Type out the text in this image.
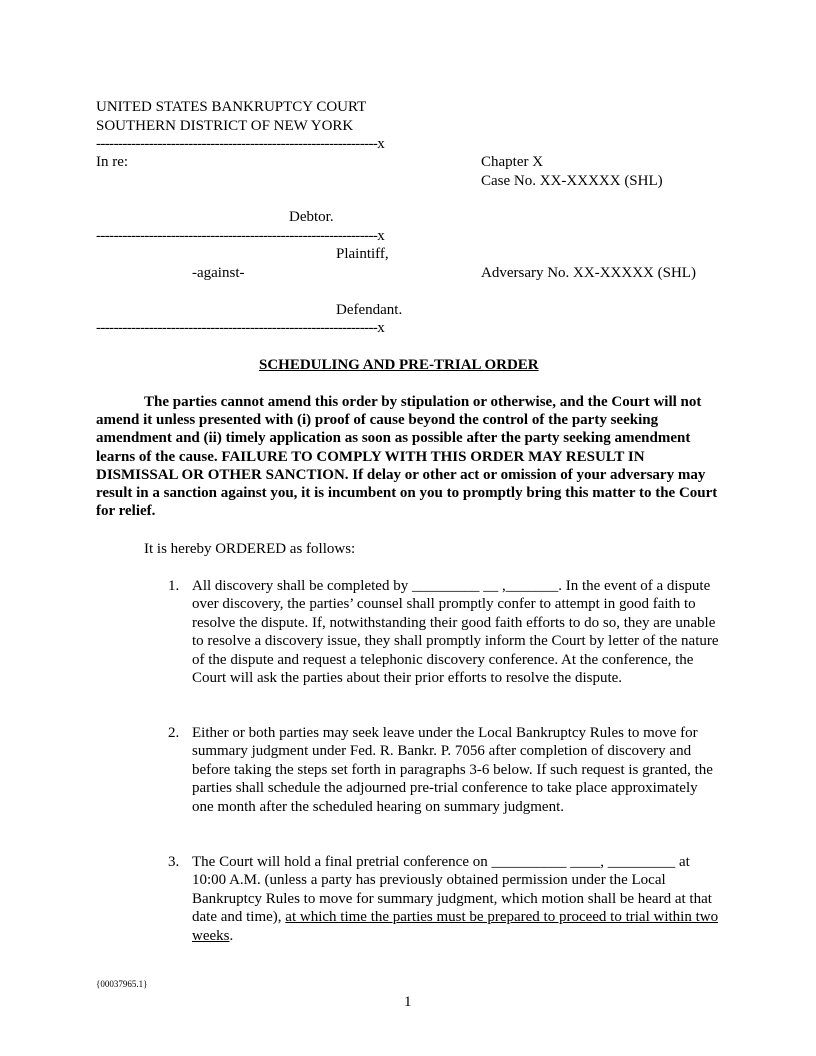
UNITED STATES BANKRUPTCY COURT
SOUTHERN DISTRICT OF NEW YORK
----------------------------------------------------------------x
In re:	Chapter X
Case No. XX-XXXXX (SHL)
Debtor.
----------------------------------------------------------------x
Plaintiff,
-against-	Adversary No. XX-XXXXX (SHL)
Defendant.
----------------------------------------------------------------x
SCHEDULING AND PRE-TRIAL ORDER
The parties cannot amend this order by stipulation or otherwise, and the Court will not amend it unless presented with (i) proof of cause beyond the control of the party seeking amendment and (ii) timely application as soon as possible after the party seeking amendment learns of the cause. FAILURE TO COMPLY WITH THIS ORDER MAY RESULT IN DISMISSAL OR OTHER SANCTION. If delay or other act or omission of your adversary may result in a sanction against you, it is incumbent on you to promptly bring this matter to the Court for relief.
It is hereby ORDERED as follows:
1. All discovery shall be completed by _________ __ ,_______. In the event of a dispute over discovery, the parties’ counsel shall promptly confer to attempt in good faith to resolve the dispute. If, notwithstanding their good faith efforts to do so, they are unable to resolve a discovery issue, they shall promptly inform the Court by letter of the nature of the dispute and request a telephonic discovery conference. At the conference, the Court will ask the parties about their prior efforts to resolve the dispute.
2. Either or both parties may seek leave under the Local Bankruptcy Rules to move for summary judgment under Fed. R. Bankr. P. 7056 after completion of discovery and before taking the steps set forth in paragraphs 3-6 below. If such request is granted, the parties shall schedule the adjourned pre-trial conference to take place approximately one month after the scheduled hearing on summary judgment.
3. The Court will hold a final pretrial conference on __________ ____, _________ at 10:00 A.M. (unless a party has previously obtained permission under the Local Bankruptcy Rules to move for summary judgment, which motion shall be heard at that date and time), at which time the parties must be prepared to proceed to trial within two weeks.
{00037965.1}
1
